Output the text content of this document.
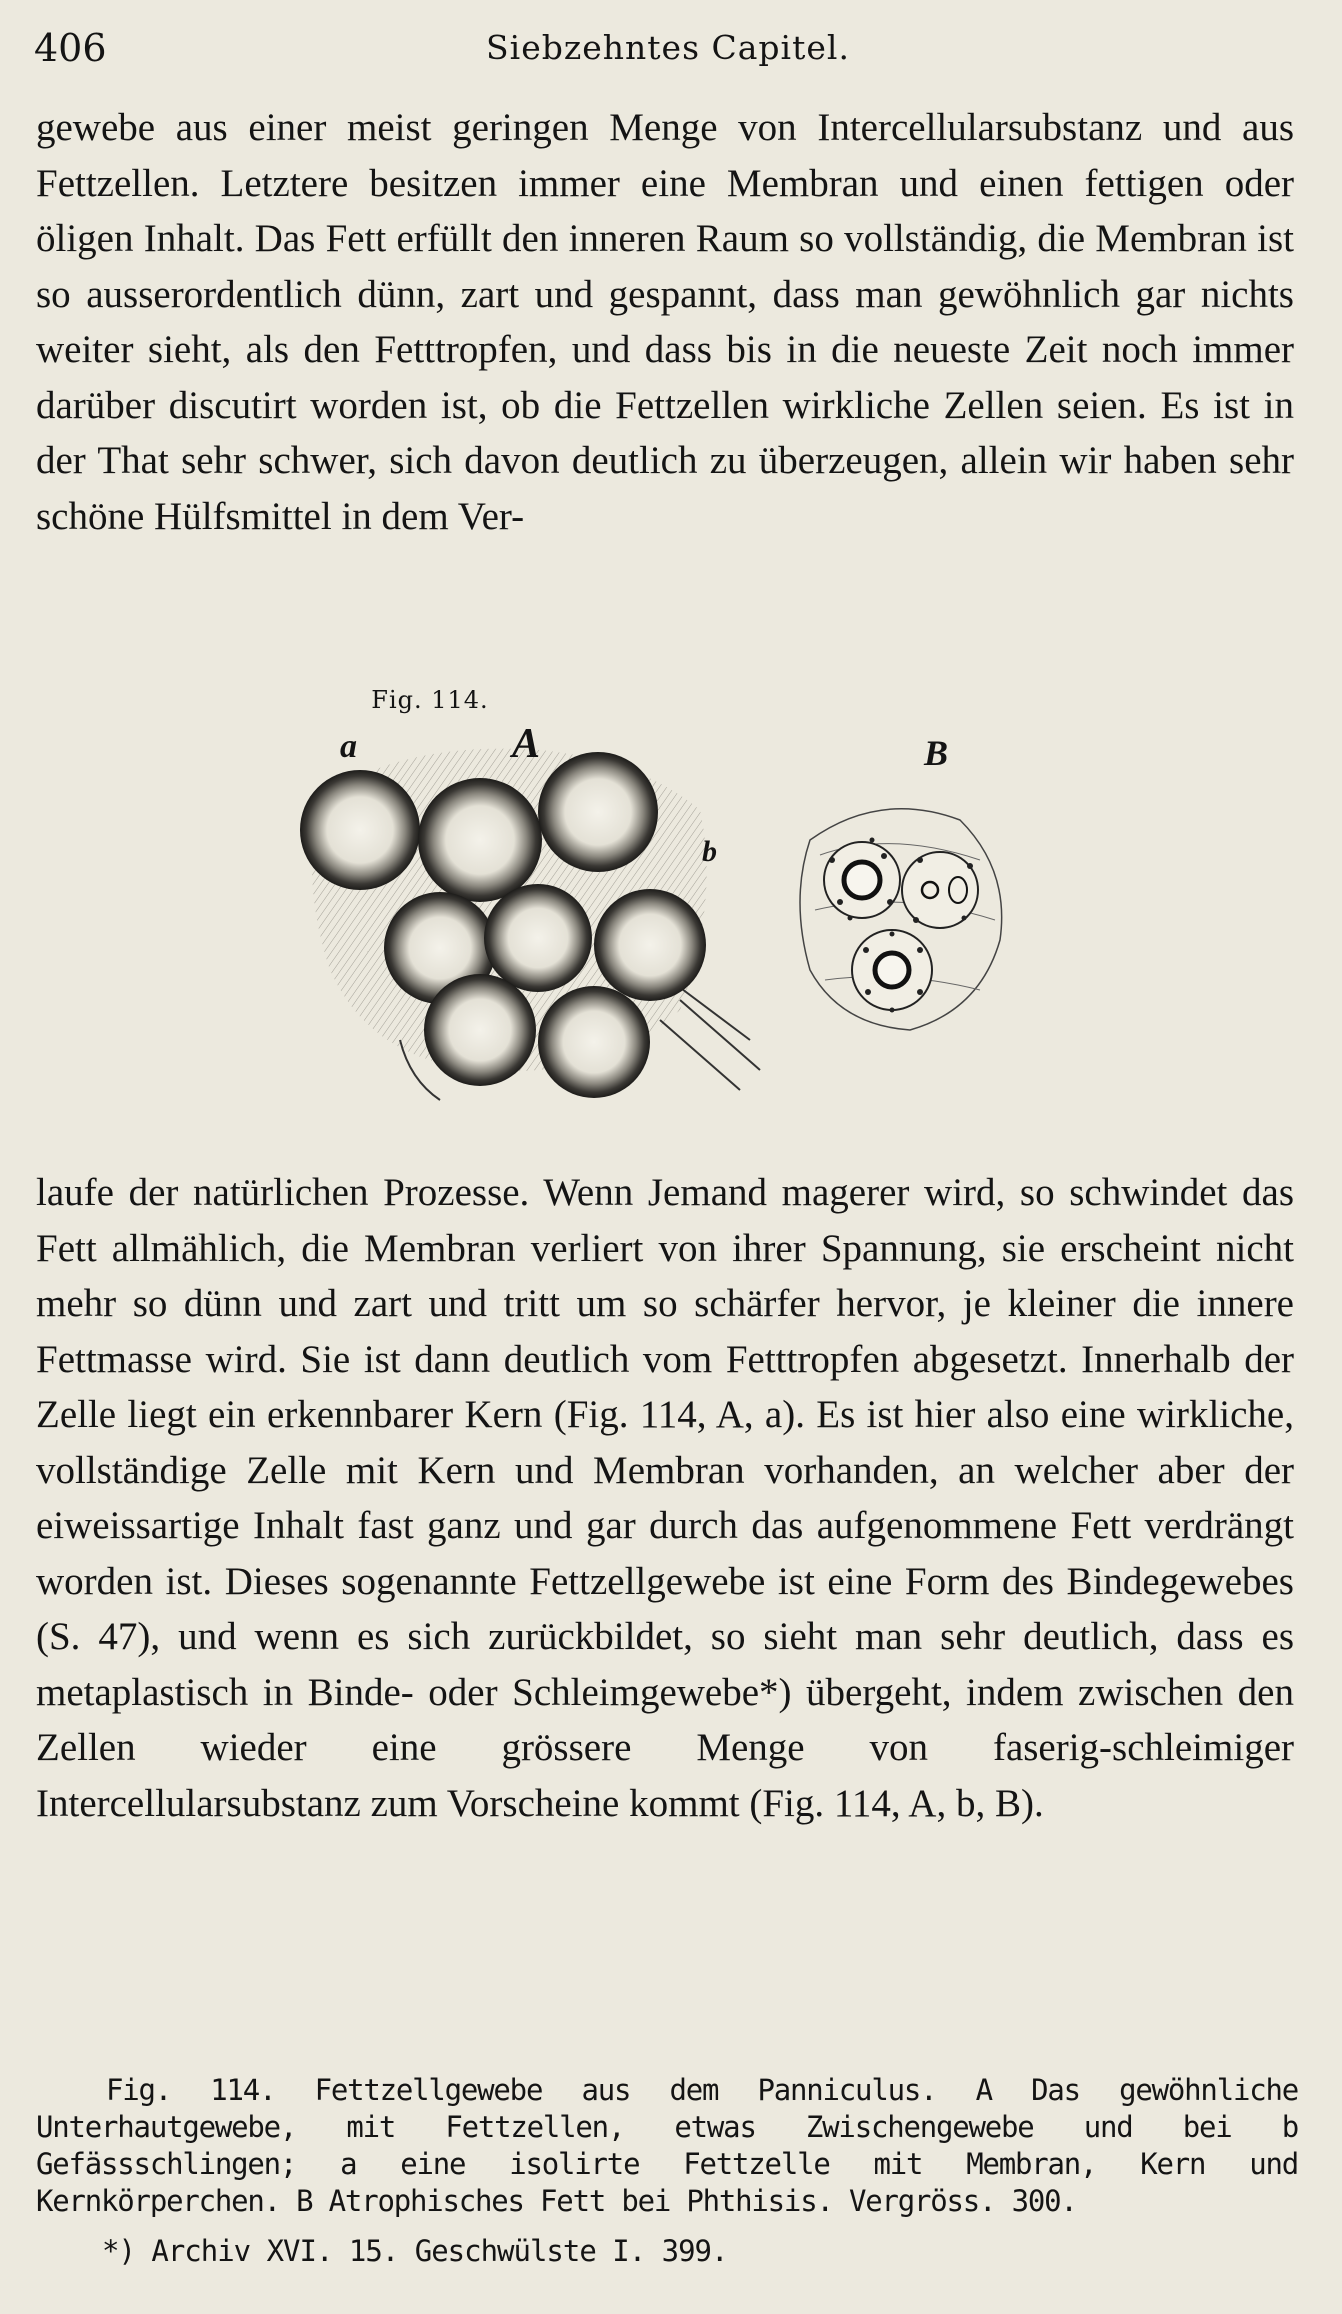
406	Siebzehntes Capitel.

gewebe aus einer meist geringen Menge von Intercellularsubstanz und aus Fettzellen. Letztere besitzen immer eine Membran und einen fettigen oder öligen Inhalt. Das Fett erfüllt den inneren Raum so vollständig, die Membran ist so ausserordentlich dünn, zart und gespannt, dass man gewöhnlich gar nichts weiter sieht, als den Fetttropfen, und dass bis in die neueste Zeit noch immer darüber discutirt worden ist, ob die Fettzellen wirkliche Zellen seien. Es ist in der That sehr schwer, sich davon deutlich zu überzeugen, allein wir haben sehr schöne Hülfsmittel in dem Ver-

Fig. 114.
a	A
b
B

laufe der natürlichen Prozesse. Wenn Jemand magerer wird, so schwindet das Fett allmählich, die Membran verliert von ihrer Spannung, sie erscheint nicht mehr so dünn und zart und tritt um so schärfer hervor, je kleiner die innere Fettmasse wird. Sie ist dann deutlich vom Fetttropfen abgesetzt. Innerhalb der Zelle liegt ein erkennbarer Kern (Fig. 114, A, a). Es ist hier also eine wirkliche, vollständige Zelle mit Kern und Membran vorhanden, an welcher aber der eiweissartige Inhalt fast ganz und gar durch das aufgenommene Fett verdrängt worden ist. Dieses sogenannte Fettzellgewebe ist eine Form des Bindegewebes (S. 47), und wenn es sich zurückbildet, so sieht man sehr deutlich, dass es metaplastisch in Binde- oder Schleimgewebe*) übergeht, indem zwischen den Zellen wieder eine grössere Menge von faserig-schleimiger Intercellularsubstanz zum Vorscheine kommt (Fig. 114, A, b, B).

Fig. 114. Fettzellgewebe aus dem Panniculus. A Das gewöhnliche Unterhautgewebe, mit Fettzellen, etwas Zwischengewebe und bei b Gefässschlingen; a eine isolirte Fettzelle mit Membran, Kern und Kernkörperchen. B Atrophisches Fett bei Phthisis. Vergröss. 300.

*) Archiv XVI. 15. Geschwülste I. 399.
